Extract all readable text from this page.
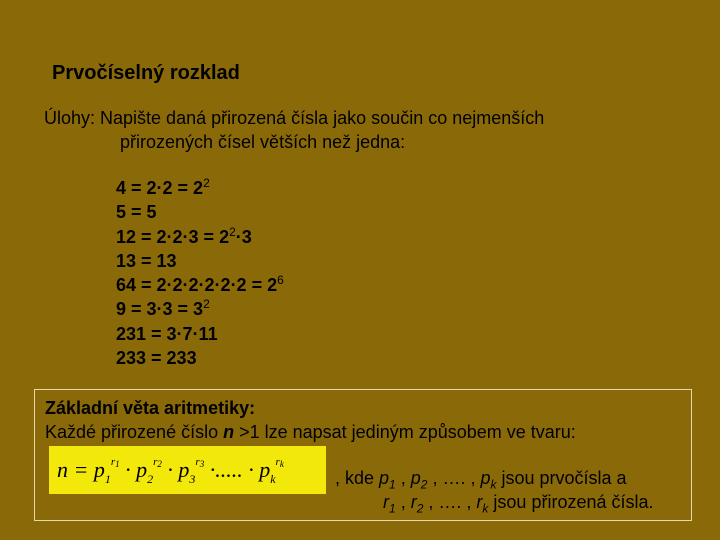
Prvočíselný rozklad
Úlohy: Napište daná přirozená čísla jako součin co nejmenších
přirozených čísel větších než jedna:
$4 = 2\cdot 2 = 2^2$
5 = 5
$12 = 2\cdot 2\cdot 3 = 2^2\cdot 3$
13 = 13
$64 = 2\cdot 2\cdot 2\cdot 2\cdot 2\cdot 2 = 2^6$
$9 = 3\cdot 3 = 3^2$
231 = 3·7·11
233 = 233
Základní věta aritmetiky:
Každé přirozené číslo n >1 lze napsat jediným způsobem ve tvaru:
$n = p_1^{r1} \cdot p_2^{r2} \cdot p_3^{r3}$ ·..... · $p_k^{rk}$
, kde $p_1$ , $p_2$ , …. , $p_k$ jsou prvočísla a
$r_1$ , $r_2$ , …. , $r_k$ jsou přirozená čísla.
